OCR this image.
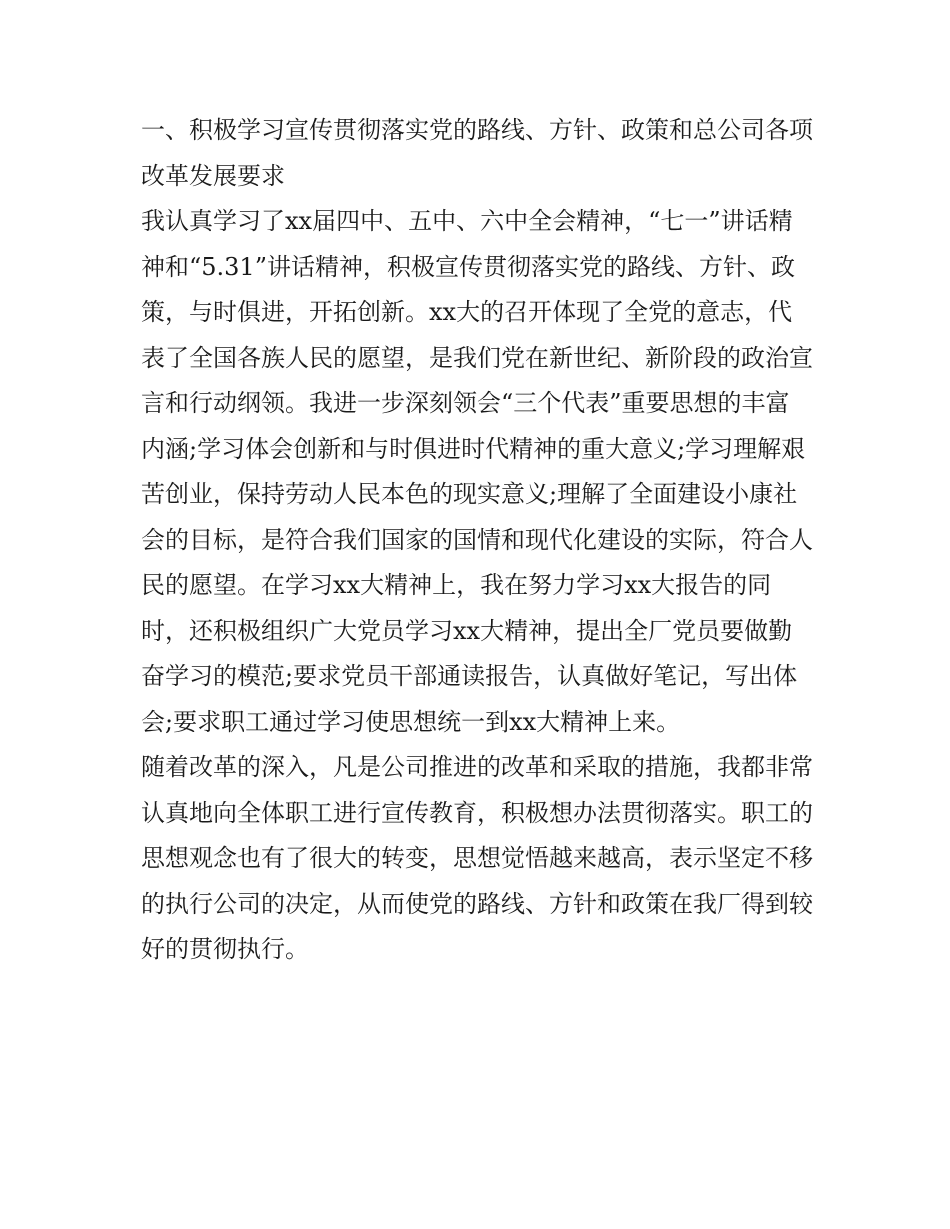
一、积极学习宣传贯彻落实党的路线、方针、政策和总公司各项改革发展要求

我认真学习了xx届四中、五中、六中全会精神，“七一”讲话精神和“5.31”讲话精神，积极宣传贯彻落实党的路线、方针、政策，与时俱进，开拓创新。xx大的召开体现了全党的意志，代表了全国各族人民的愿望，是我们党在新世纪、新阶段的政治宣言和行动纲领。我进一步深刻领会“三个代表”重要思想的丰富内涵;学习体会创新和与时俱进时代精神的重大意义;学习理解艰苦创业，保持劳动人民本色的现实意义;理解了全面建设小康社会的目标，是符合我们国家的国情和现代化建设的实际，符合人民的愿望。在学习xx大精神上，我在努力学习xx大报告的同时，还积极组织广大党员学习xx大精神，提出全厂党员要做勤奋学习的模范;要求党员干部通读报告，认真做好笔记，写出体会;要求职工通过学习使思想统一到xx大精神上来。

随着改革的深入，凡是公司推进的改革和采取的措施，我都非常认真地向全体职工进行宣传教育，积极想办法贯彻落实。职工的思想观念也有了很大的转变，思想觉悟越来越高，表示坚定不移的执行公司的决定，从而使党的路线、方针和政策在我厂得到较好的贯彻执行。
